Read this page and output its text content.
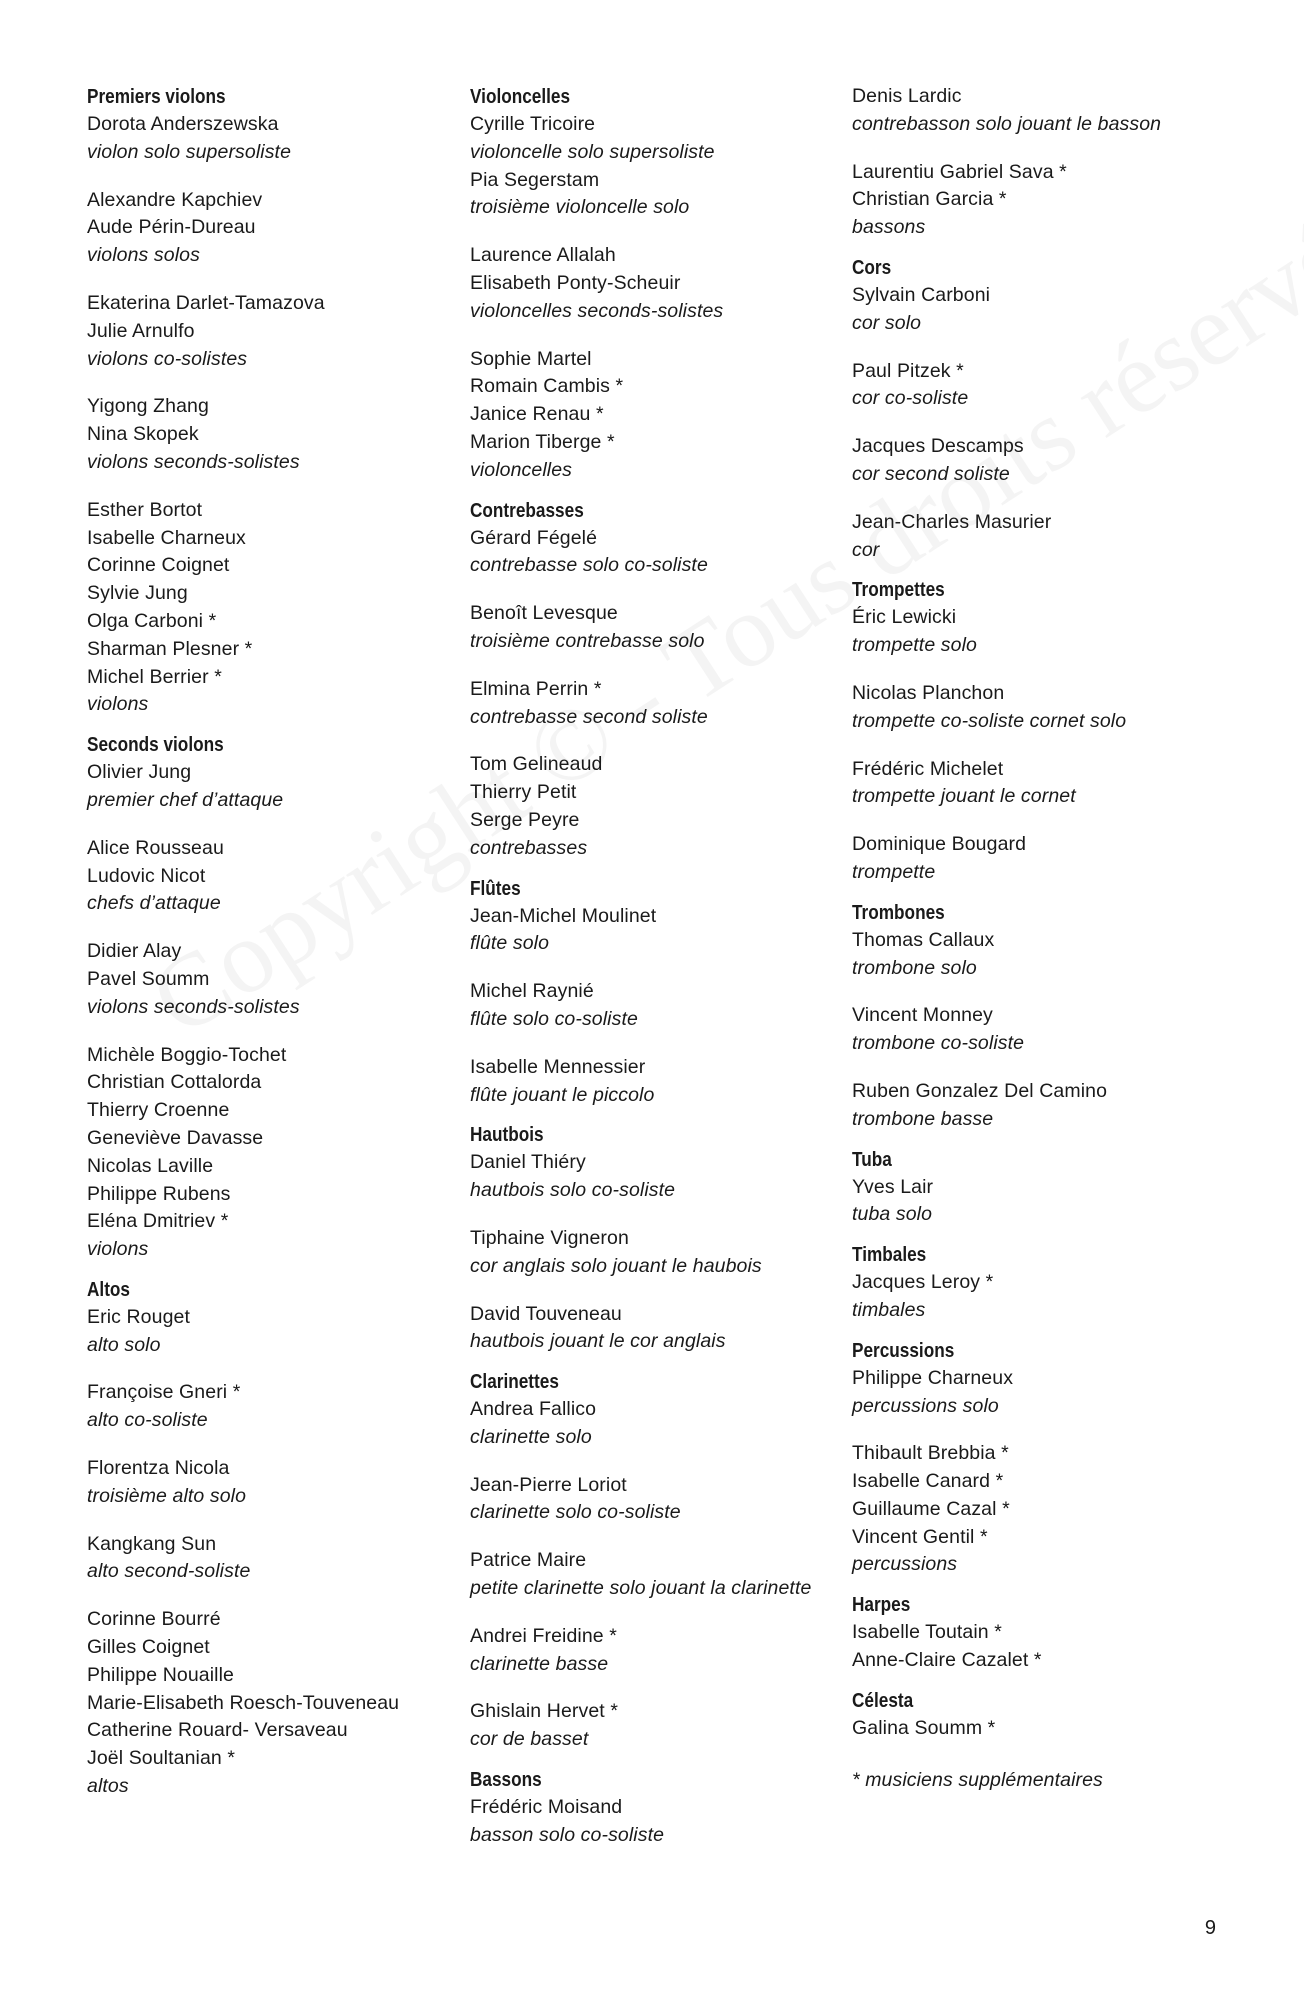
Premiers violons
Dorota Anderszewska
violon solo supersoliste
Alexandre Kapchiev
Aude Périn-Dureau
violons solos
Ekaterina Darlet-Tamazova
Julie Arnulfo
violons co-solistes
Yigong Zhang
Nina Skopek
violons seconds-solistes
Esther Bortot
Isabelle Charneux
Corinne Coignet
Sylvie Jung
Olga Carboni *
Sharman Plesner *
Michel Berrier *
violons
Seconds violons
Olivier Jung
premier chef d’attaque
Alice Rousseau
Ludovic Nicot
chefs d’attaque
Didier Alay
Pavel Soumm
violons seconds-solistes
Michèle Boggio-Tochet
Christian Cottalorda
Thierry Croenne
Geneviève Davasse
Nicolas Laville
Philippe Rubens
Eléna Dmitriev *
violons
Altos
Eric Rouget
alto solo
Françoise Gneri *
alto co-soliste
Florentza Nicola
troisième alto solo
Kangkang Sun
alto second-soliste
Corinne Bourré
Gilles Coignet
Philippe Nouaille
Marie-Elisabeth Roesch-Touveneau
Catherine Rouard- Versaveau
Joël Soultanian *
altos
Violoncelles
Cyrille Tricoire
violoncelle solo supersoliste
Pia Segerstam
troisième violoncelle solo
Laurence Allalah
Elisabeth Ponty-Scheuir
violoncelles seconds-solistes
Sophie Martel
Romain Cambis *
Janice Renau *
Marion Tiberge *
violoncelles
Contrebasses
Gérard Fégelé
contrebasse solo co-soliste
Benoît Levesque
troisième contrebasse solo
Elmina Perrin *
contrebasse second soliste
Tom Gelineaud
Thierry Petit
Serge Peyre
contrebasses
Flûtes
Jean-Michel Moulinet
flûte solo
Michel Raynié
flûte solo co-soliste
Isabelle Mennessier
flûte jouant le piccolo
Hautbois
Daniel Thiéry
hautbois solo co-soliste
Tiphaine Vigneron
cor anglais solo jouant le haubois
David Touveneau
hautbois jouant le cor anglais
Clarinettes
Andrea Fallico
clarinette solo
Jean-Pierre Loriot
clarinette solo co-soliste
Patrice Maire
petite clarinette solo jouant la clarinette
Andrei Freidine *
clarinette basse
Ghislain Hervet *
cor de basset
Bassons
Frédéric Moisand
basson solo co-soliste
Denis Lardic
contrebasson solo jouant le basson
Laurentiu Gabriel Sava *
Christian Garcia *
bassons
Cors
Sylvain Carboni
cor solo
Paul Pitzek *
cor co-soliste
Jacques Descamps
cor second soliste
Jean-Charles Masurier
cor
Trompettes
Éric Lewicki
trompette solo
Nicolas Planchon
trompette co-soliste cornet solo
Frédéric Michelet
trompette jouant le cornet
Dominique Bougard
trompette
Trombones
Thomas Callaux
trombone solo
Vincent Monney
trombone co-soliste
Ruben Gonzalez Del Camino
trombone basse
Tuba
Yves Lair
tuba solo
Timbales
Jacques Leroy *
timbales
Percussions
Philippe Charneux
percussions solo
Thibault Brebbia *
Isabelle Canard *
Guillaume Cazal *
Vincent Gentil *
percussions
Harpes
Isabelle Toutain *
Anne-Claire Cazalet *
Célesta
Galina Soumm *
* musiciens supplémentaires
9
